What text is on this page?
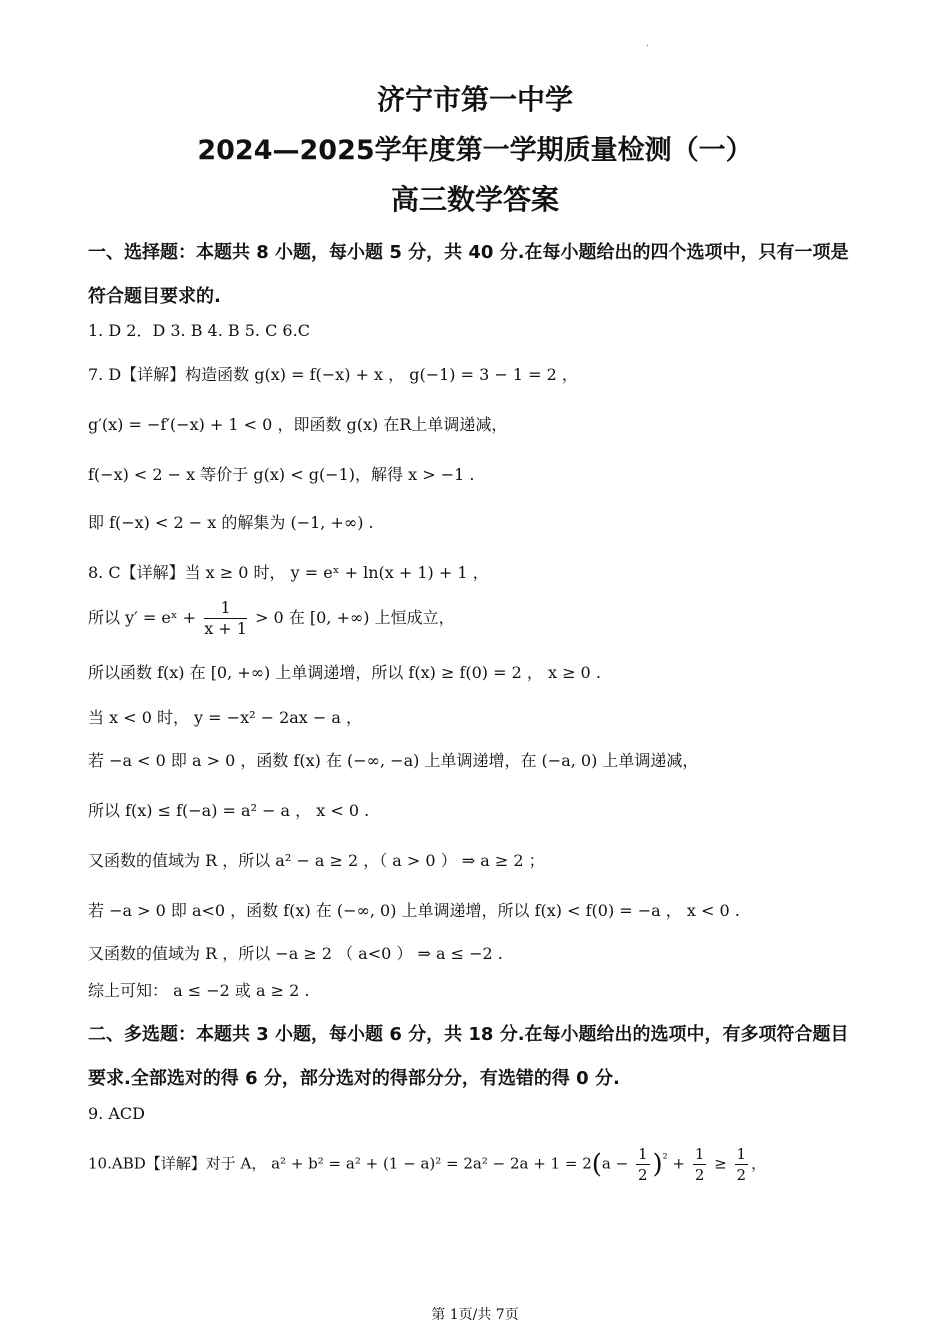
.
济宁市第一中学
2024—2025学年度第一学期质量检测（一）
高三数学答案
一、选择题：本题共 8 小题，每小题 5 分，共 40 分.在每小题给出的四个选项中，只有一项是
符合题目要求的.
1. D 2．D 3. B 4. B 5. C 6.C
7. D【详解】构造函数 g(x) = f(−x) + x ， g(−1) = 3 − 1 = 2 ，
g′(x) = −f′(−x) + 1 < 0 ，即函数 g(x) 在R上单调递减，
f(−x) < 2 − x 等价于 g(x) < g(−1)，解得 x > −1 .
即 f(−x) < 2 − x 的解集为 (−1, +∞) .
8. C【详解】当 x ≥ 0 时， y = eˣ + ln(x + 1) + 1 ，
所以 y′ = eˣ + $\frac{1}{x + 1} > 0$ 在 [0, +∞) 上恒成立，
所以函数 f(x) 在 [0, +∞) 上单调递增，所以 f(x) ≥ f(0) = 2 ， x ≥ 0 .
当 x < 0 时， y = −x² − 2ax − a ，
若 −a < 0 即 a > 0 ，函数 f(x) 在 (−∞, −a) 上单调递增，在 (−a, 0) 上单调递减，
所以 f(x) ≤ f(−a) = a² − a ， x < 0 .
又函数的值域为 R ，所以 a² − a ≥ 2 ，（ a > 0 ） ⇒ a ≥ 2 ；
若 −a > 0 即 a<0 ，函数 f(x) 在 (−∞, 0) 上单调递增，所以 f(x) < f(0) = −a ， x < 0 .
又函数的值域为 R ，所以 −a ≥ 2 （ a<0 ） ⇒ a ≤ −2 .
综上可知： a ≤ −2 或 a ≥ 2 .
二、多选题：本题共 3 小题，每小题 6 分，共 18 分.在每小题给出的选项中，有多项符合题目
要求.全部选对的得 6 分，部分选对的得部分分，有选错的得 0 分.
9. ACD
10.ABD【详解】对于 A， $a^2 + b^2 = a^2 + (1 - a)^2 = 2a^2 - 2a + 1 = 2(a - \frac{1}{2} )^{^2} + \frac{1}{2} \ge \frac{1}{2}$ ，
第 1页/共 7页
